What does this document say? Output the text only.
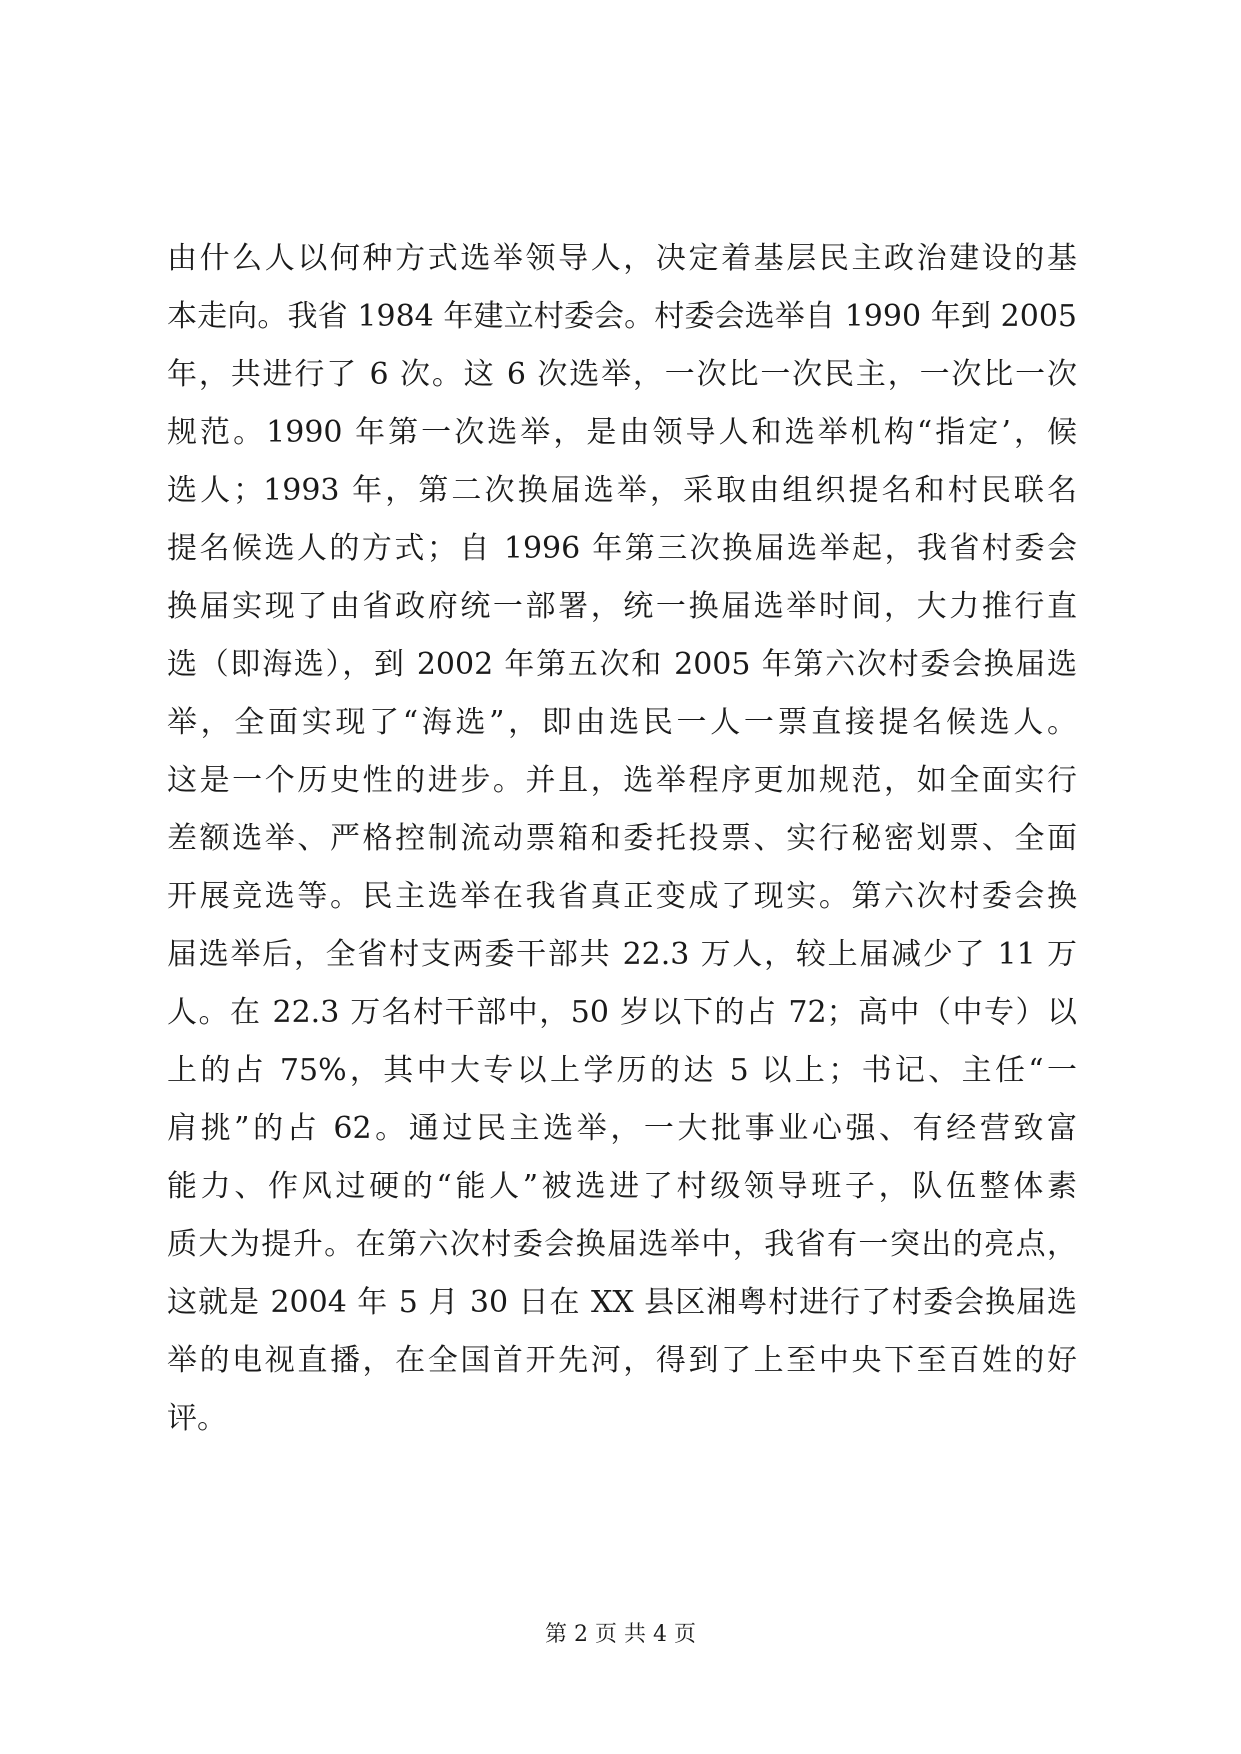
由什么人以何种方式选举领导人，决定着基层民主政治建设的基
本走向。我省 1984 年建立村委会。村委会选举自 1990 年到 2005
年，共进行了 6 次。这 6 次选举，一次比一次民主，一次比一次
规范。1990 年第一次选举，是由领导人和选举机构“指定’，候
选人；1993 年，第二次换届选举，采取由组织提名和村民联名
提名候选人的方式；自 1996 年第三次换届选举起，我省村委会
换届实现了由省政府统一部署，统一换届选举时间，大力推行直
选（即海选），到 2002 年第五次和 2005 年第六次村委会换届选
举，全面实现了“海选”，即由选民一人一票直接提名候选人。
这是一个历史性的进步。并且，选举程序更加规范，如全面实行
差额选举、严格控制流动票箱和委托投票、实行秘密划票、全面
开展竞选等。民主选举在我省真正变成了现实。第六次村委会换
届选举后，全省村支两委干部共 22.3 万人，较上届减少了 11 万
人。在 22.3 万名村干部中，50 岁以下的占 72；高中（中专）以
上的占 75%，其中大专以上学历的达 5 以上；书记、主任“一
肩挑”的占 62。通过民主选举，一大批事业心强、有经营致富
能力、作风过硬的“能人”被选进了村级领导班子，队伍整体素
质大为提升。在第六次村委会换届选举中，我省有一突出的亮点，
这就是 2004 年 5 月 30 日在 XX 县区湘粤村进行了村委会换届选
举的电视直播，在全国首开先河，得到了上至中央下至百姓的好
评。
第 2 页 共 4 页
